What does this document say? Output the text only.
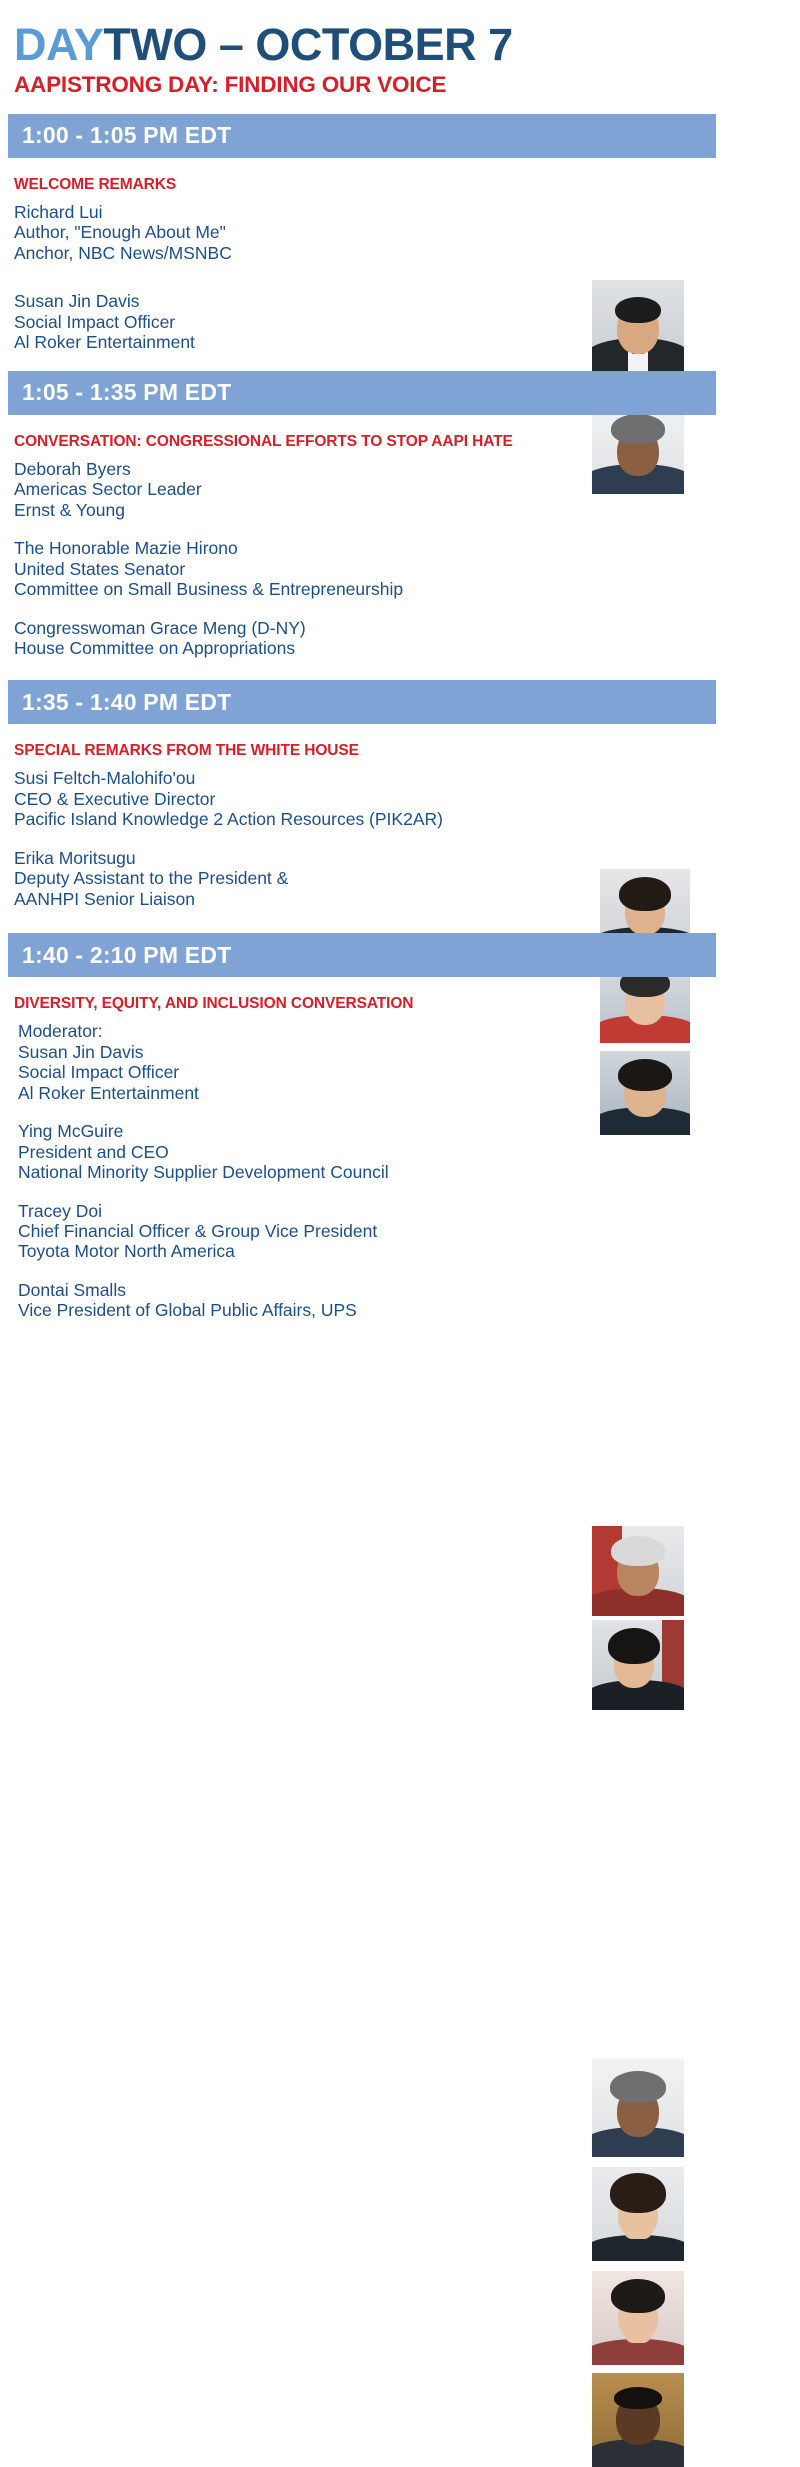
DAYTWO – OCTOBER 7
AAPISTRONG DAY: FINDING OUR VOICE
1:00 - 1:05 PM EDT
WELCOME REMARKS
Richard Lui
Author, "Enough About Me"
Anchor, NBC News/MSNBC
Susan Jin Davis
Social Impact Officer
Al Roker Entertainment
1:05 - 1:35 PM EDT
CONVERSATION: CONGRESSIONAL EFFORTS TO STOP AAPI HATE
Deborah Byers
Americas Sector Leader
Ernst & Young
The Honorable Mazie Hirono
United States Senator
Committee on Small Business & Entrepreneurship
Congresswoman Grace Meng (D-NY)
House Committee on Appropriations
1:35 - 1:40 PM EDT
SPECIAL REMARKS FROM THE WHITE HOUSE
Susi Feltch-Malohifo'ou
CEO & Executive Director
Pacific Island Knowledge 2 Action Resources (PIK2AR)
Erika Moritsugu
Deputy Assistant to the President &
AANHPI Senior Liaison
1:40 - 2:10 PM EDT
DIVERSITY, EQUITY, AND INCLUSION CONVERSATION
Moderator:
Susan Jin Davis
Social Impact Officer
Al Roker Entertainment
Ying McGuire
President and CEO
National Minority Supplier Development Council
Tracey Doi
Chief Financial Officer & Group Vice President
Toyota Motor North America
Dontai Smalls
Vice President of Global Public Affairs, UPS
